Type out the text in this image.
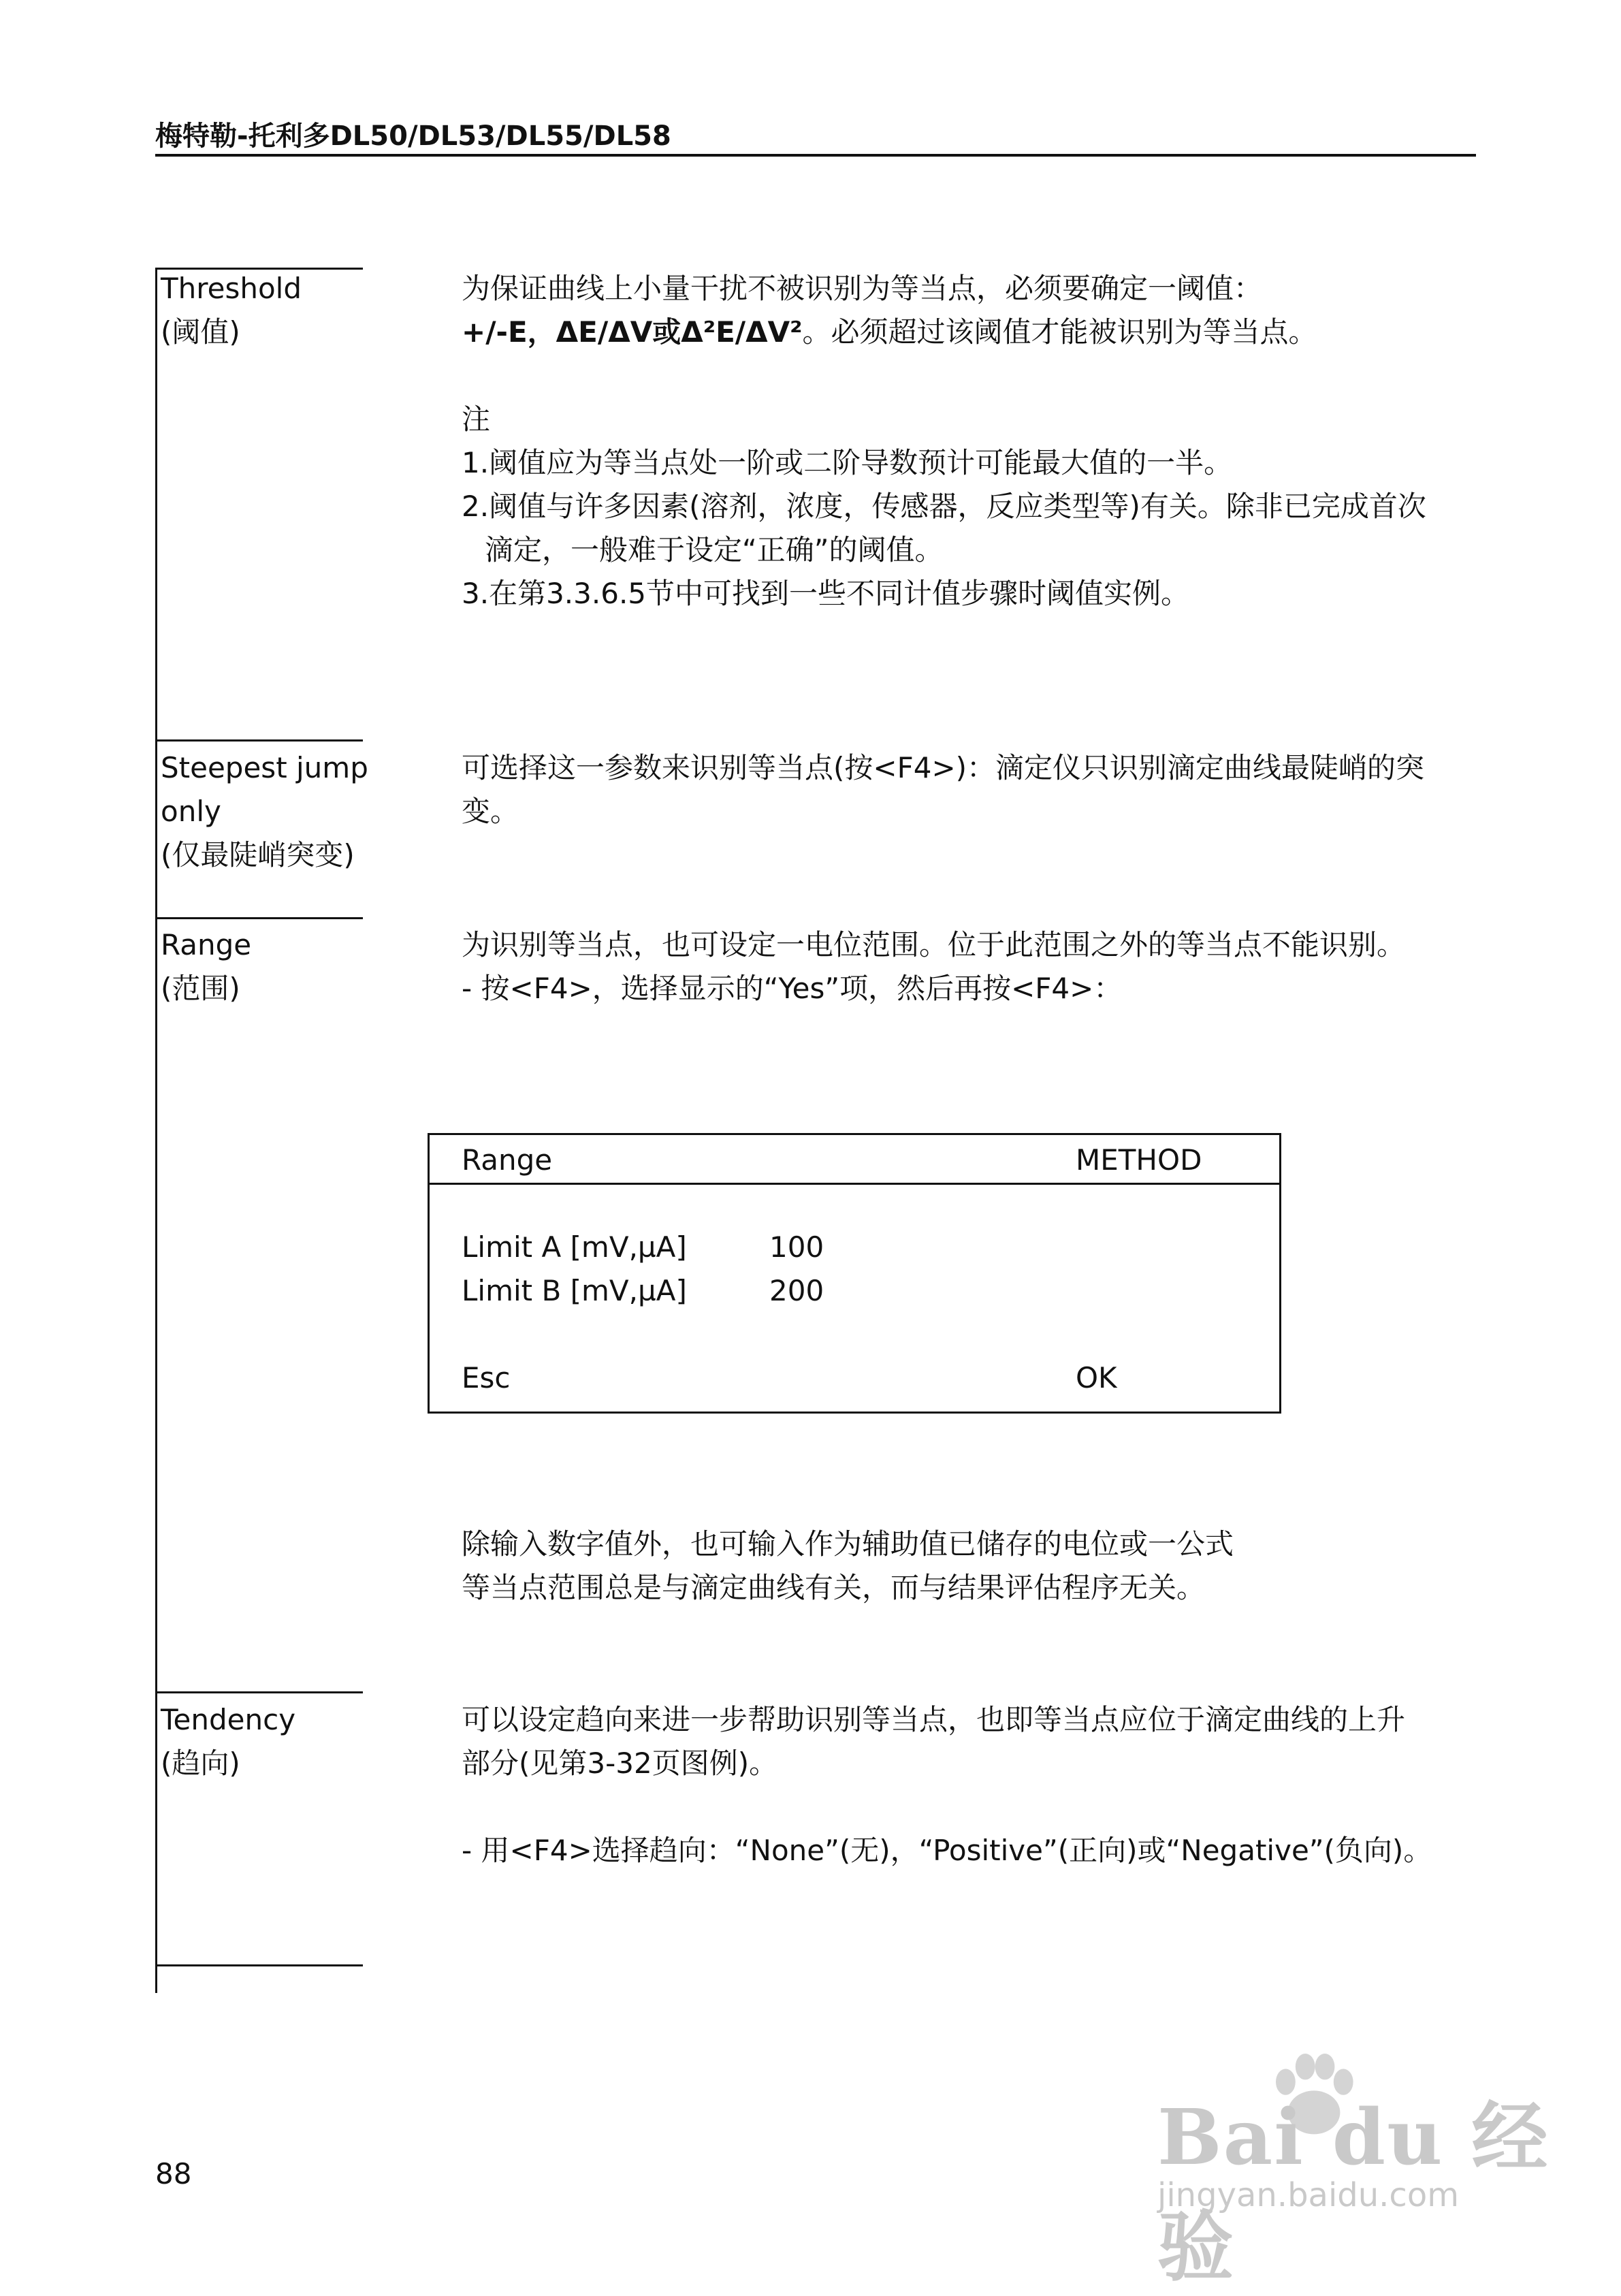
梅特勒-托利多DL50/DL53/DL55/DL58
Threshold
(阈值)
为保证曲线上小量干扰不被识别为等当点，必须要确定一阈值：
+/-E，ΔE/ΔV或Δ²E/ΔV²。必须超过该阈值才能被识别为等当点。
注
1.阈值应为等当点处一阶或二阶导数预计可能最大值的一半。
2.阈值与许多因素(溶剂，浓度，传感器，反应类型等)有关。除非已完成首次
滴定，一般难于设定“正确”的阈值。
3.在第3.3.6.5节中可找到一些不同计值步骤时阈值实例。
Steepest jump
only
(仅最陡峭突变)
可选择这一参数来识别等当点(按<F4>)：滴定仪只识别滴定曲线最陡峭的突
变。
Range
(范围)
为识别等当点，也可设定一电位范围。位于此范围之外的等当点不能识别。
- 按<F4>，选择显示的“Yes”项，然后再按<F4>：
Range	METHOD
Limit A [mV,µA]	100
Limit B [mV,µA]	200
Esc	OK
除输入数字值外，也可输入作为辅助值已储存的电位或一公式
等当点范围总是与滴定曲线有关，而与结果评估程序无关。
Tendency
(趋向)
可以设定趋向来进一步帮助识别等当点，也即等当点应位于滴定曲线的上升
部分(见第3-32页图例)。
- 用<F4>选择趋向：“None”(无)，“Positive”(正向)或“Negative”(负向)。
88	Bai du 经验
jingyan.baidu.com
